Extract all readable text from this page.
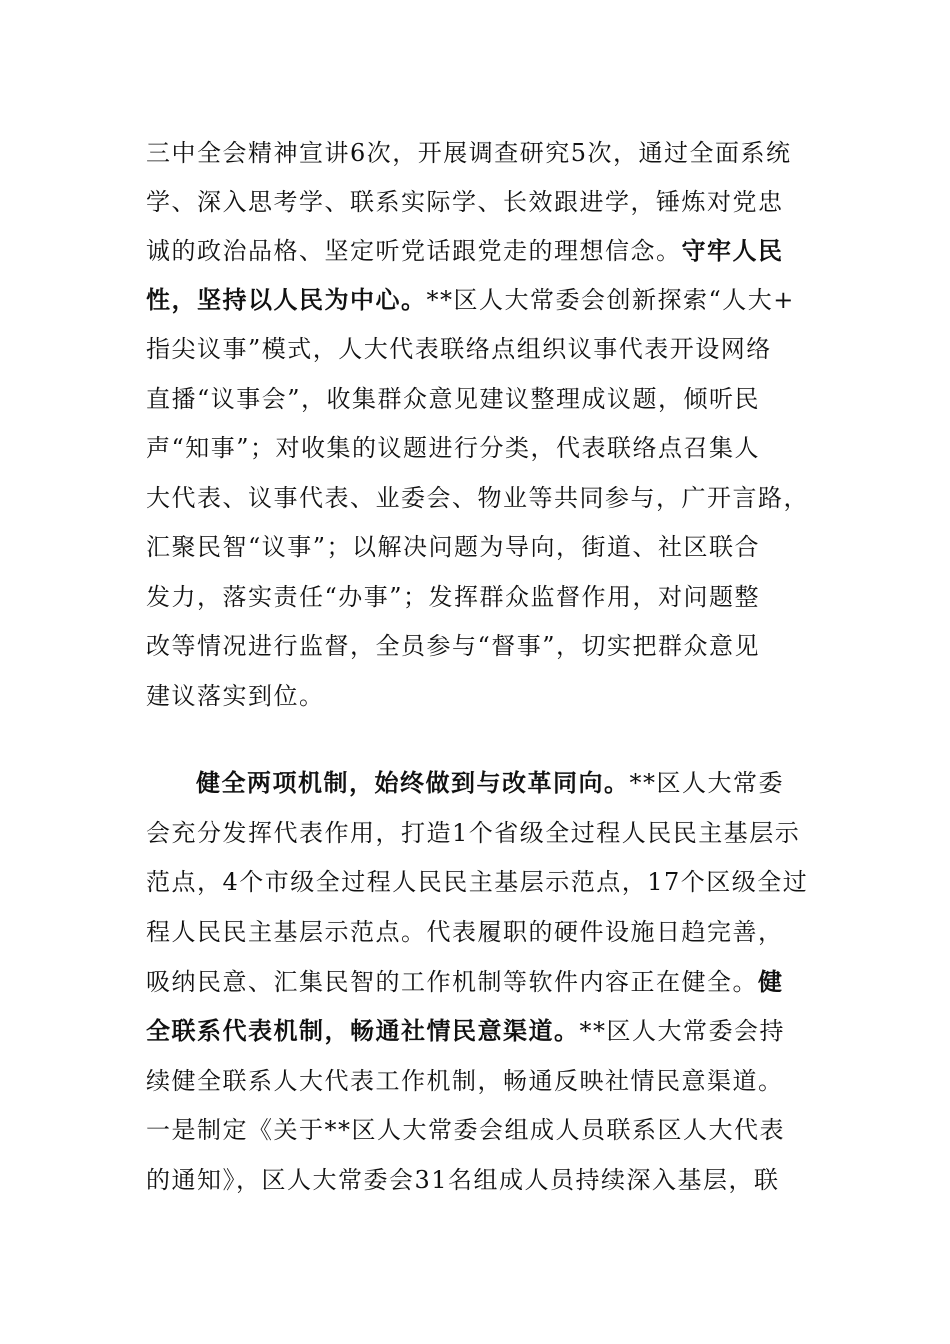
三中全会精神宣讲6次，开展调查研究5次，通过全面系统
学、深入思考学、联系实际学、长效跟进学，锤炼对党忠
诚的政治品格、坚定听党话跟党走的理想信念。守牢人民
性，坚持以人民为中心。**区人大常委会创新探索“人大+
指尖议事”模式，人大代表联络点组织议事代表开设网络
直播“议事会”，收集群众意见建议整理成议题，倾听民
声“知事”；对收集的议题进行分类，代表联络点召集人
大代表、议事代表、业委会、物业等共同参与，广开言路，
汇聚民智“议事”；以解决问题为导向，街道、社区联合
发力，落实责任“办事”；发挥群众监督作用，对问题整
改等情况进行监督，全员参与“督事”，切实把群众意见
建议落实到位。
健全两项机制，始终做到与改革同向。**区人大常委
会充分发挥代表作用，打造1个省级全过程人民民主基层示
范点，4个市级全过程人民民主基层示范点，17个区级全过
程人民民主基层示范点。代表履职的硬件设施日趋完善，
吸纳民意、汇集民智的工作机制等软件内容正在健全。健
全联系代表机制，畅通社情民意渠道。**区人大常委会持
续健全联系人大代表工作机制，畅通反映社情民意渠道。
一是制定《关于**区人大常委会组成人员联系区人大代表
的通知》，区人大常委会31名组成人员持续深入基层，联
